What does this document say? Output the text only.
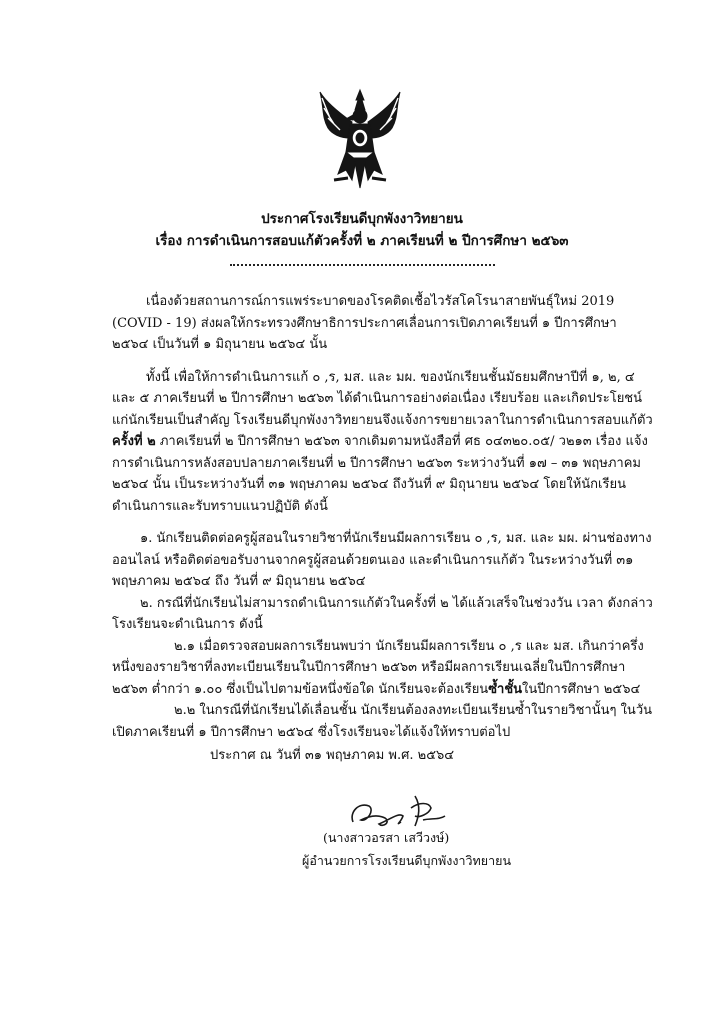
ประกาศโรงเรียนดีบุกพังงาวิทยายน
เรื่อง การดำเนินการสอบแก้ตัวครั้งที่ ๒ ภาคเรียนที่ ๒ ปีการศึกษา ๒๕๖๓

เนื่องด้วยสถานการณ์การแพร่ระบาดของโรคติดเชื้อไวรัสโคโรนาสายพันธุ์ใหม่ 2019 (COVID - 19) ส่งผลให้กระทรวงศึกษาธิการประกาศเลื่อนการเปิดภาคเรียนที่ ๑ ปีการศึกษา ๒๕๖๔ เป็นวันที่ ๑ มิถุนายน ๒๕๖๔ นั้น

ทั้งนี้ เพื่อให้การดำเนินการแก้ ๐ ,ร, มส. และ มผ. ของนักเรียนชั้นมัธยมศึกษาปีที่ ๑, ๒, ๔ และ ๕ ภาคเรียนที่ ๒ ปีการศึกษา ๒๕๖๓ ได้ดำเนินการอย่างต่อเนื่อง เรียบร้อย และเกิดประโยชน์แก่นักเรียนเป็นสำคัญ โรงเรียนดีบุกพังงาวิทยายนจึงแจ้งการขยายเวลาในการดำเนินการสอบแก้ตัวครั้งที่ ๒ ภาคเรียนที่ ๒ ปีการศึกษา ๒๕๖๓ จากเดิมตามหนังสือที่ ศธ ๐๔๓๒๐.๐๕/ ว๒๑๓ เรื่อง แจ้งการดำเนินการหลังสอบปลายภาคเรียนที่ ๒ ปีการศึกษา ๒๕๖๓ ระหว่างวันที่ ๑๗ – ๓๑ พฤษภาคม ๒๕๖๔ นั้น เป็นระหว่างวันที่ ๓๑ พฤษภาคม ๒๕๖๔ ถึงวันที่ ๙ มิถุนายน ๒๕๖๔ โดยให้นักเรียนดำเนินการและรับทราบแนวปฏิบัติ ดังนี้

๑. นักเรียนติดต่อครูผู้สอนในรายวิชาที่นักเรียนมีผลการเรียน ๐ ,ร, มส. และ มผ. ผ่านช่องทางออนไลน์ หรือติดต่อขอรับงานจากครูผู้สอนด้วยตนเอง และดำเนินการแก้ตัว ในระหว่างวันที่ ๓๑ พฤษภาคม ๒๕๖๔ ถึง วันที่ ๙ มิถุนายน ๒๕๖๔

๒. กรณีที่นักเรียนไม่สามารถดำเนินการแก้ตัวในครั้งที่ ๒ ได้แล้วเสร็จในช่วงวัน เวลา ดังกล่าว โรงเรียนจะดำเนินการ ดังนี้

๒.๑ เมื่อตรวจสอบผลการเรียนพบว่า นักเรียนมีผลการเรียน ๐ ,ร และ มส. เกินกว่าครึ่งหนึ่งของรายวิชาที่ลงทะเบียนเรียนในปีการศึกษา ๒๕๖๓ หรือมีผลการเรียนเฉลี่ยในปีการศึกษา ๒๕๖๓ ต่ำกว่า ๑.๐๐ ซึ่งเป็นไปตามข้อหนึ่งข้อใด นักเรียนจะต้องเรียนซ้ำชั้นในปีการศึกษา ๒๕๖๔

๒.๒ ในกรณีที่นักเรียนได้เลื่อนชั้น นักเรียนต้องลงทะเบียนเรียนซ้ำในรายวิชานั้นๆ ในวันเปิดภาคเรียนที่ ๑ ปีการศึกษา ๒๕๖๔ ซึ่งโรงเรียนจะได้แจ้งให้ทราบต่อไป

ประกาศ ณ วันที่ ๓๑ พฤษภาคม พ.ศ. ๒๕๖๔
(นางสาวอรสา เสวีวงษ์)
ผู้อำนวยการโรงเรียนดีบุกพังงาวิทยายน
